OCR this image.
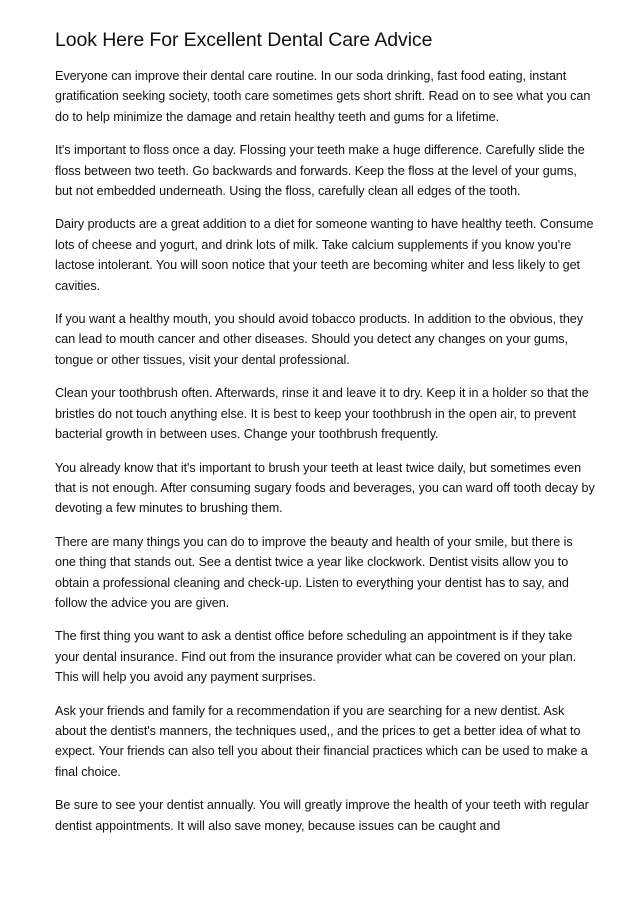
Look Here For Excellent Dental Care Advice

Everyone can improve their dental care routine. In our soda drinking, fast food eating, instant gratification seeking society, tooth care sometimes gets short shrift. Read on to see what you can do to help minimize the damage and retain healthy teeth and gums for a lifetime.

It's important to floss once a day. Flossing your teeth make a huge difference. Carefully slide the floss between two teeth. Go backwards and forwards. Keep the floss at the level of your gums, but not embedded underneath. Using the floss, carefully clean all edges of the tooth.

Dairy products are a great addition to a diet for someone wanting to have healthy teeth. Consume lots of cheese and yogurt, and drink lots of milk. Take calcium supplements if you know you're lactose intolerant. You will soon notice that your teeth are becoming whiter and less likely to get cavities.

If you want a healthy mouth, you should avoid tobacco products. In addition to the obvious, they can lead to mouth cancer and other diseases. Should you detect any changes on your gums, tongue or other tissues, visit your dental professional.

Clean your toothbrush often. Afterwards, rinse it and leave it to dry. Keep it in a holder so that the bristles do not touch anything else. It is best to keep your toothbrush in the open air, to prevent bacterial growth in between uses. Change your toothbrush frequently.

You already know that it's important to brush your teeth at least twice daily, but sometimes even that is not enough. After consuming sugary foods and beverages, you can ward off tooth decay by devoting a few minutes to brushing them.

There are many things you can do to improve the beauty and health of your smile, but there is one thing that stands out. See a dentist twice a year like clockwork. Dentist visits allow you to obtain a professional cleaning and check-up. Listen to everything your dentist has to say, and follow the advice you are given.

The first thing you want to ask a dentist office before scheduling an appointment is if they take your dental insurance. Find out from the insurance provider what can be covered on your plan. This will help you avoid any payment surprises.

Ask your friends and family for a recommendation if you are searching for a new dentist. Ask about the dentist's manners, the techniques used,, and the prices to get a better idea of what to expect. Your friends can also tell you about their financial practices which can be used to make a final choice.

Be sure to see your dentist annually. You will greatly improve the health of your teeth with regular dentist appointments. It will also save money, because issues can be caught and
